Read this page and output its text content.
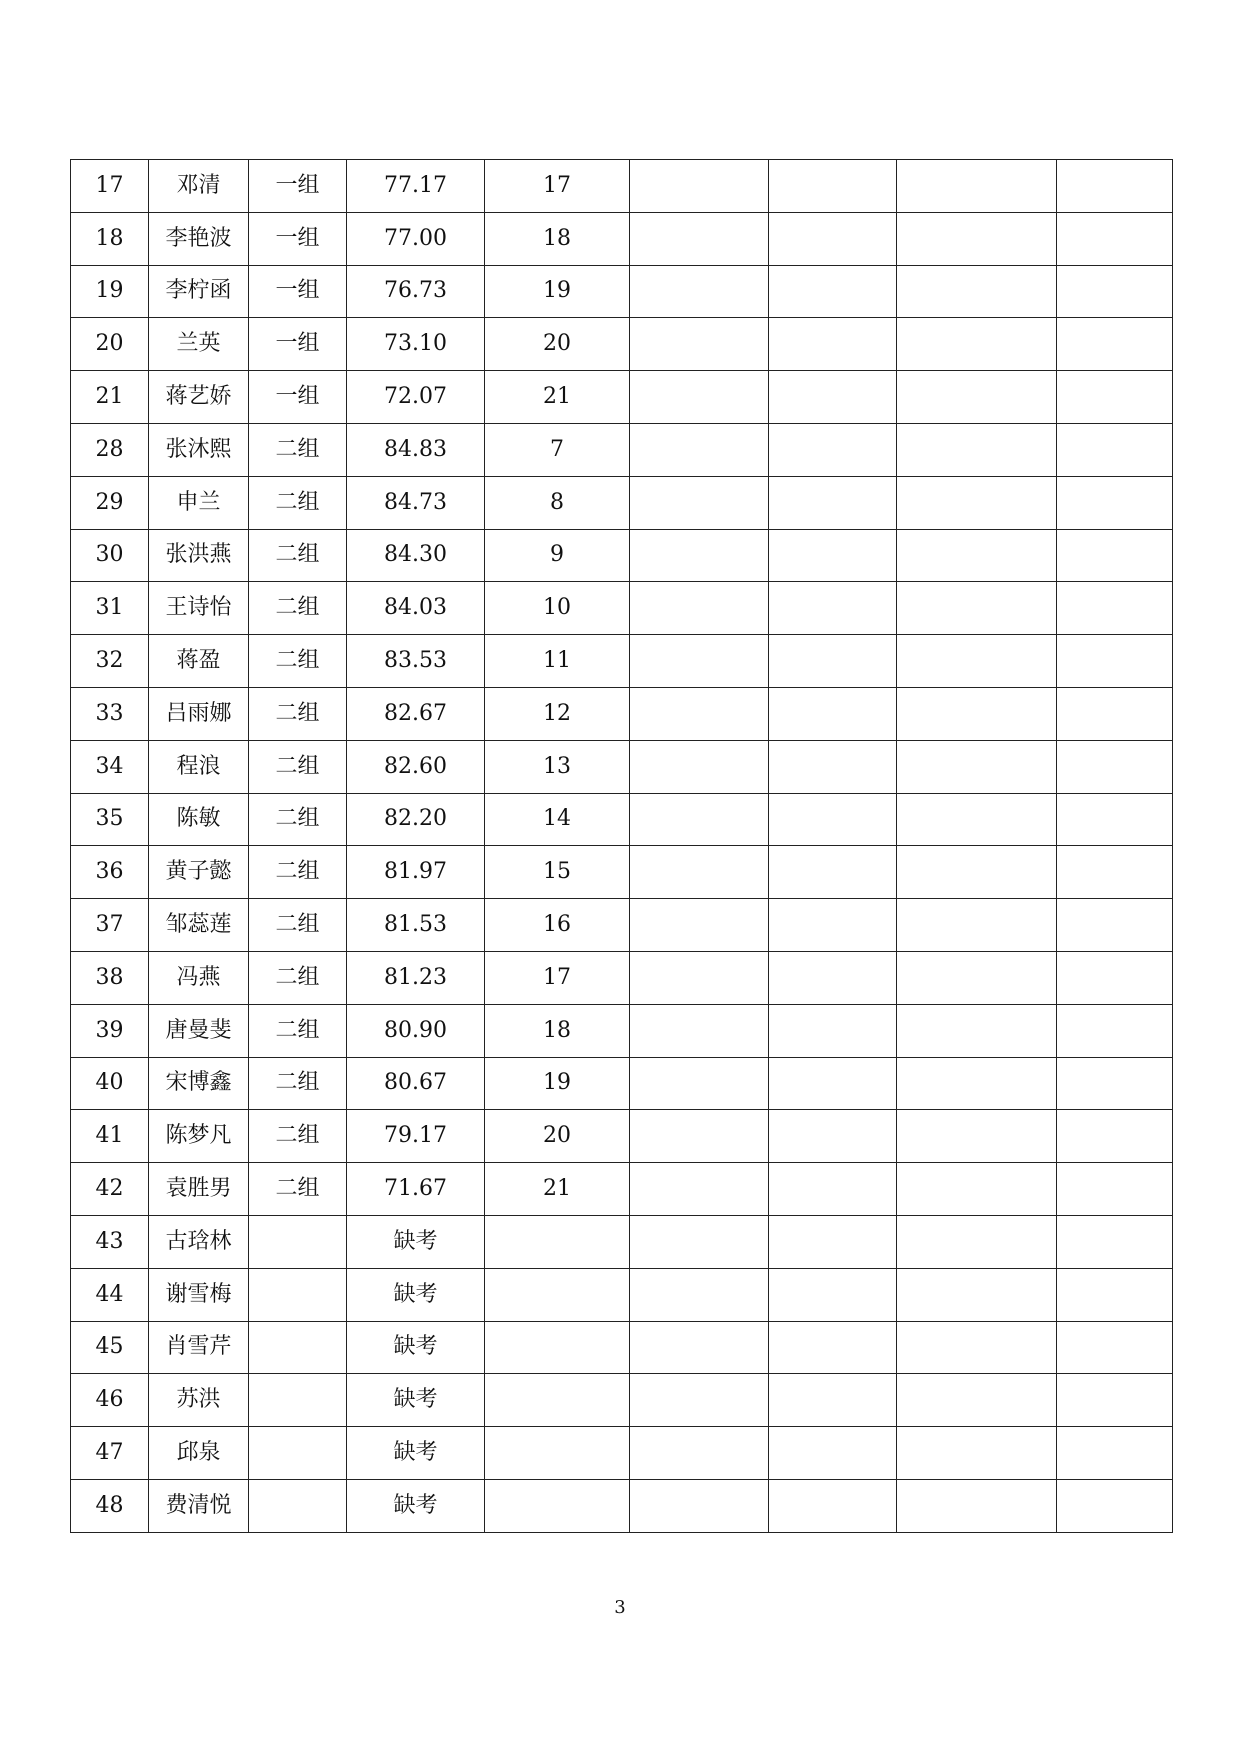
17	邓清	一组	77.17	17				
18	李艳波	一组	77.00	18				
19	李柠函	一组	76.73	19				
20	兰英	一组	73.10	20				
21	蒋艺娇	一组	72.07	21				
28	张沐熙	二组	84.83	7				
29	申兰	二组	84.73	8				
30	张洪燕	二组	84.30	9				
31	王诗怡	二组	84.03	10				
32	蒋盈	二组	83.53	11				
33	吕雨娜	二组	82.67	12				
34	程浪	二组	82.60	13				
35	陈敏	二组	82.20	14				
36	黄子懿	二组	81.97	15				
37	邹蕊莲	二组	81.53	16				
38	冯燕	二组	81.23	17				
39	唐曼斐	二组	80.90	18				
40	宋博鑫	二组	80.67	19				
41	陈梦凡	二组	79.17	20				
42	袁胜男	二组	71.67	21				
43	古琀林		缺考					
44	谢雪梅		缺考					
45	肖雪芹		缺考					
46	苏洪		缺考					
47	邱泉		缺考					
48	费清悦		缺考					
3
